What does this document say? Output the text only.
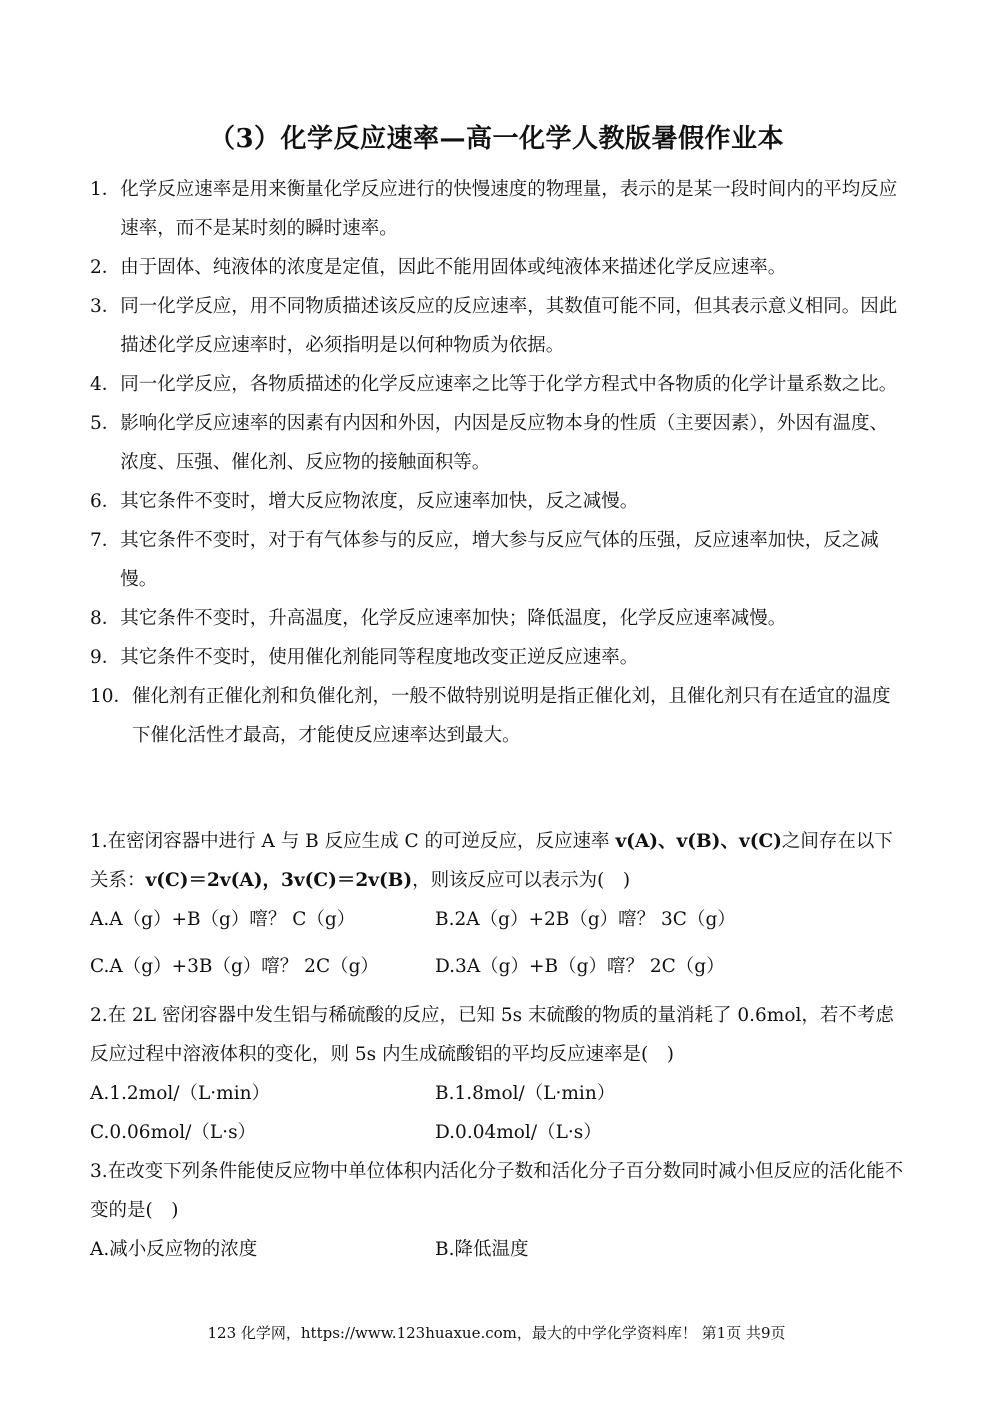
（3）化学反应速率—高一化学人教版暑假作业本
1． 化学反应速率是用来衡量化学反应进行的快慢速度的物理量，表示的是某一段时间内的平均反应速率，而不是某时刻的瞬时速率。
2． 由于固体、纯液体的浓度是定值，因此不能用固体或纯液体来描述化学反应速率。
3． 同一化学反应，用不同物质描述该反应的反应速率，其数值可能不同，但其表示意义相同。因此描述化学反应速率时，必须指明是以何种物质为依据。
4． 同一化学反应，各物质描述的化学反应速率之比等于化学方程式中各物质的化学计量系数之比。
5． 影响化学反应速率的因素有内因和外因，内因是反应物本身的性质（主要因素），外因有温度、浓度、压强、催化剂、反应物的接触面积等。
6． 其它条件不变时，增大反应物浓度，反应速率加快，反之减慢。
7． 其它条件不变时，对于有气体参与的反应，增大参与反应气体的压强，反应速率加快，反之减慢。
8． 其它条件不变时，升高温度，化学反应速率加快；降低温度，化学反应速率减慢。
9． 其它条件不变时，使用催化剂能同等程度地改变正逆反应速率。
10． 催化剂有正催化剂和负催化剂，一般不做特别说明是指正催化刘，且催化剂只有在适宜的温度下催化活性才最高，才能使反应速率达到最大。

1.在密闭容器中进行 A 与 B 反应生成 C 的可逆反应，反应速率 v(A)、v(B)、v(C)之间存在以下关系：v(C)＝2v(A)，3v(C)＝2v(B)，则该反应可以表示为(　)

A.A（g）+B（g）噾？ C（g）	B.2A（g）+2B（g）噾？ 3C（g）
C.A（g）+3B（g）噾？ 2C（g）	D.3A（g）+B（g）噾？ 2C（g）

2.在 2L 密闭容器中发生铝与稀硫酸的反应，已知 5s 末硫酸的物质的量消耗了 0.6mol，若不考虑反应过程中溶液体积的变化，则 5s 内生成硫酸铝的平均反应速率是(　)

A.1.2mol/（L·min）	B.1.8mol/（L·min）
C.0.06mol/（L·s）	D.0.04mol/（L·s）

3.在改变下列条件能使反应物中单位体积内活化分子数和活化分子百分数同时减小但反应的活化能不变的是(　)

A.减小反应物的浓度	B.降低温度
123 化学网，https://www.123huaxue.com，最大的中学化学资料库！ 第1页 共9页
